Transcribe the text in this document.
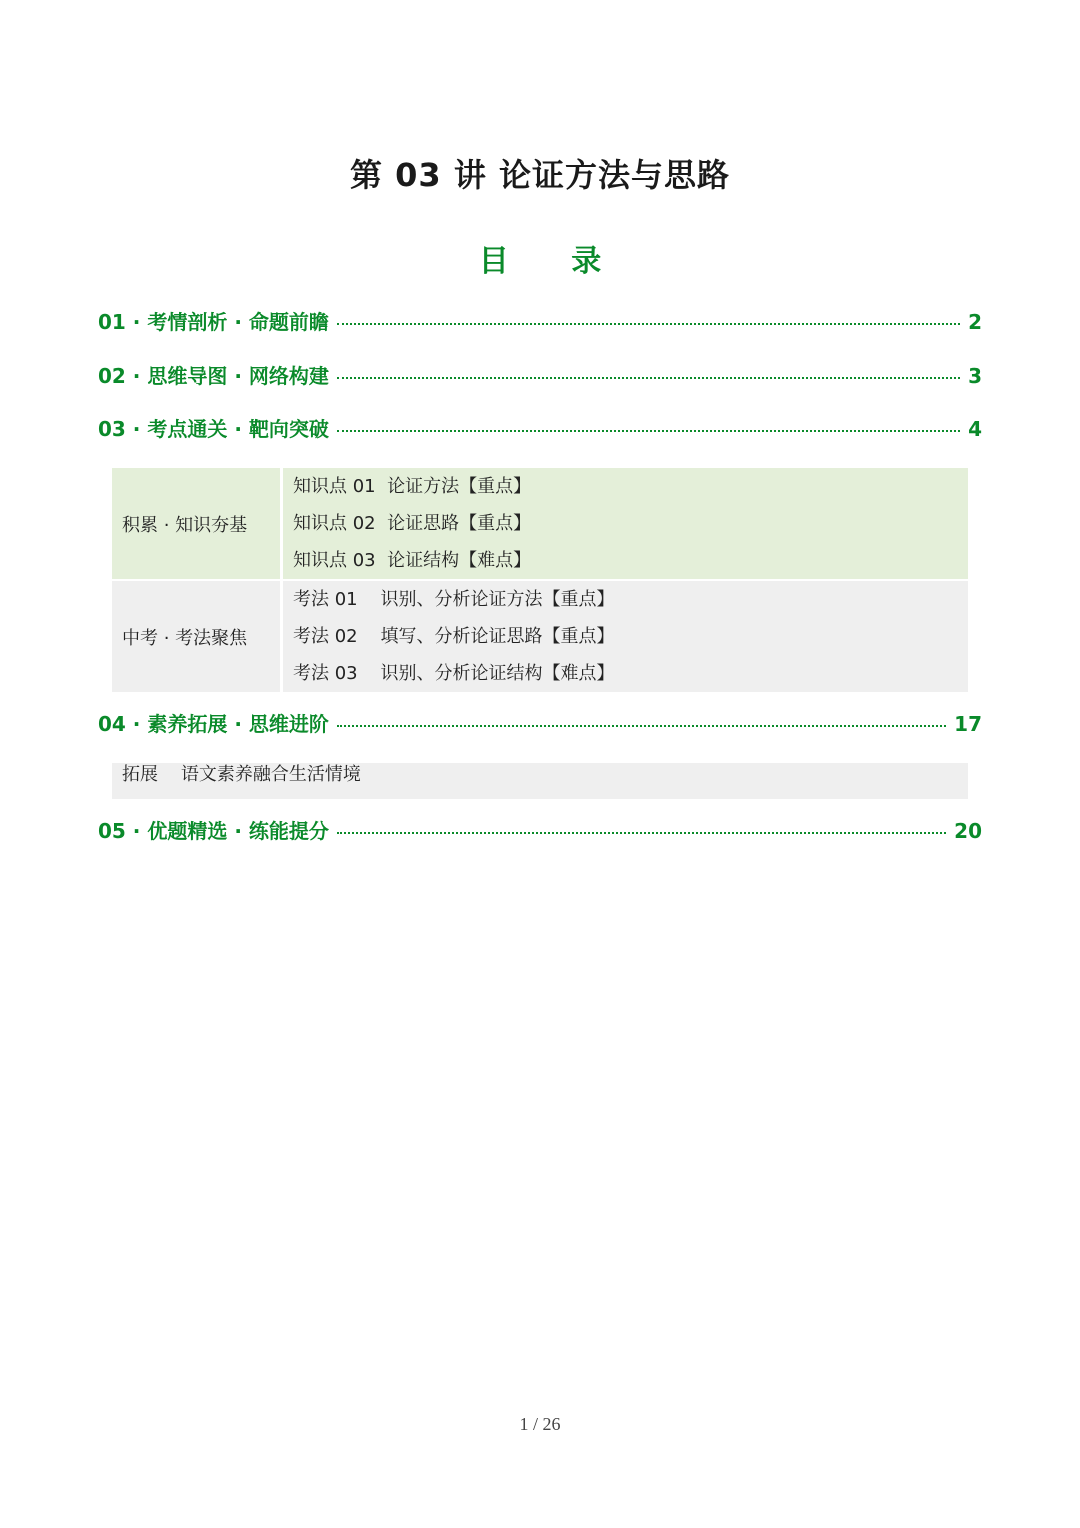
第 03 讲 论证方法与思路
目 录
01 · 考情剖析 · 命题前瞻	2
02 · 思维导图 · 网络构建	3
03 · 考点通关 · 靶向突破	4
积累 · 知识夯基
知识点 01  论证方法【重点】
知识点 02  论证思路【重点】
知识点 03  论证结构【难点】
中考 · 考法聚焦
考法 01    识别、分析论证方法【重点】
考法 02    填写、分析论证思路【重点】
考法 03    识别、分析论证结构【难点】
04 · 素养拓展 · 思维进阶	17
拓展    语文素养融合生活情境
05 · 优题精选 · 练能提分	20
1 / 26
